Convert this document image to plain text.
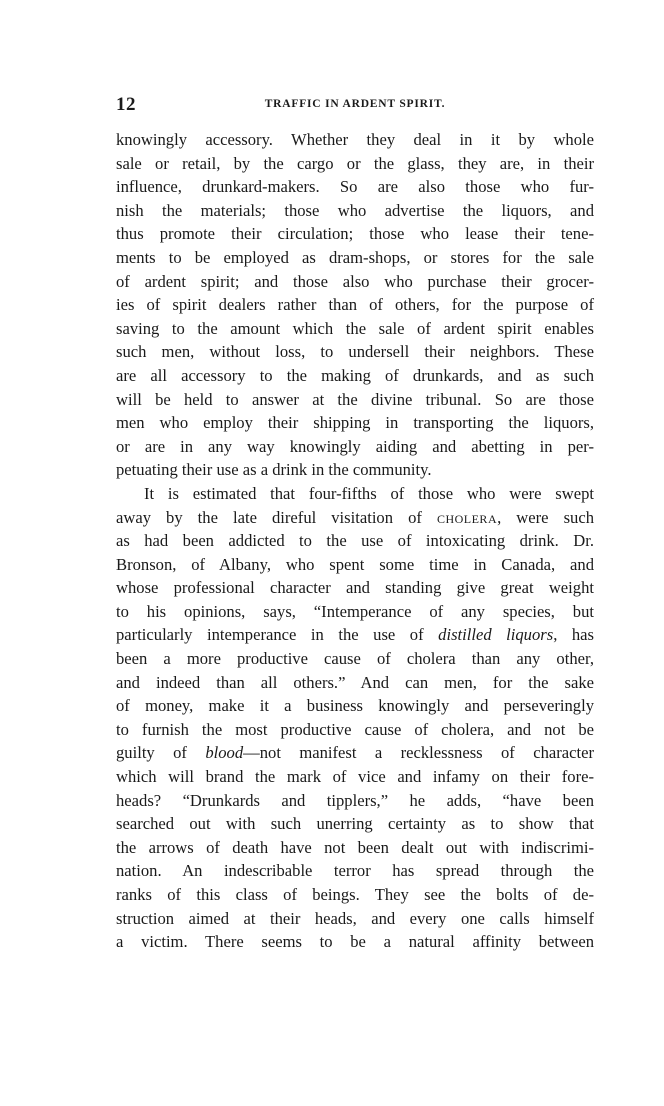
12	TRAFFIC IN ARDENT SPIRIT.
knowingly accessory. Whether they deal in it by whole
sale or retail, by the cargo or the glass, they are, in their
influence, drunkard-makers. So are also those who fur-
nish the materials; those who advertise the liquors, and
thus promote their circulation; those who lease their tene-
ments to be employed as dram-shops, or stores for the sale
of ardent spirit; and those also who purchase their grocer-
ies of spirit dealers rather than of others, for the purpose of
saving to the amount which the sale of ardent spirit enables
such men, without loss, to undersell their neighbors. These
are all accessory to the making of drunkards, and as such
will be held to answer at the divine tribunal. So are those
men who employ their shipping in transporting the liquors,
or are in any way knowingly aiding and abetting in per-
petuating their use as a drink in the community.
It is estimated that four-fifths of those who were swept
away by the late direful visitation of cholera, were such
as had been addicted to the use of intoxicating drink. Dr.
Bronson, of Albany, who spent some time in Canada, and
whose professional character and standing give great weight
to his opinions, says, “Intemperance of any species, but
particularly intemperance in the use of distilled liquors, has
been a more productive cause of cholera than any other,
and indeed than all others.” And can men, for the sake
of money, make it a business knowingly and perseveringly
to furnish the most productive cause of cholera, and not be
guilty of blood—not manifest a recklessness of character
which will brand the mark of vice and infamy on their fore-
heads? “Drunkards and tipplers,” he adds, “have been
searched out with such unerring certainty as to show that
the arrows of death have not been dealt out with indiscrimi-
nation. An indescribable terror has spread through the
ranks of this class of beings. They see the bolts of de-
struction aimed at their heads, and every one calls himself
a victim. There seems to be a natural affinity between
